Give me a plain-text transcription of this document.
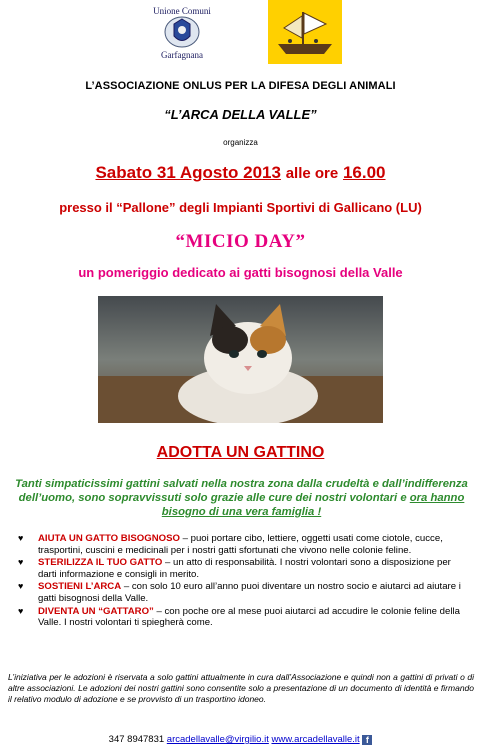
Unione Comuni
Garfagnana
L’ASSOCIAZIONE ONLUS PER LA DIFESA DEGLI ANIMALI
“L’ARCA DELLA VALLE”
organizza
Sabato 31 Agosto 2013 alle ore 16.00
presso il “Pallone” degli Impianti Sportivi di Gallicano (LU)
“MICIO DAY”
un pomeriggio dedicato ai gatti bisognosi della Valle
ADOTTA UN GATTINO
Tanti simpaticissimi gattini salvati nella nostra zona dalla crudeltà e dall’indifferenza dell’uomo, sono sopravvissuti solo grazie alle cure dei nostri volontari e ora hanno bisogno di una vera famiglia !
♥ AIUTA UN GATTO BISOGNOSO – puoi portare cibo, lettiere, oggetti usati come ciotole, cucce, trasportini, cuscini e medicinali per i nostri gatti sfortunati che vivono nelle colonie feline.
♥ STERILIZZA IL TUO GATTO – un atto di responsabilità. I nostri volontari sono a disposizione per darti informazione e consigli in merito.
♥ SOSTIENI L’ARCA – con solo 10 euro all’anno puoi diventare un nostro socio e aiutarci ad aiutare i gatti bisognosi della Valle.
♥ DIVENTA UN “GATTARO” – con poche ore al mese puoi aiutarci ad accudire le colonie feline della Valle. I nostri volontari ti spiegherà come.
L’iniziativa per le adozioni è riservata a solo gattini attualmente in cura dall’Associazione e quindi non a gattini di privati o di altre associazioni. Le adozioni dei nostri gattini sono consentite solo a presentazione di un documento di identità e firmando il relativo modulo di adozione e se provvisto di un trasportino idoneo.
347 8947831 arcadellavalle@virgilio.it www.arcadellavalle.it f
